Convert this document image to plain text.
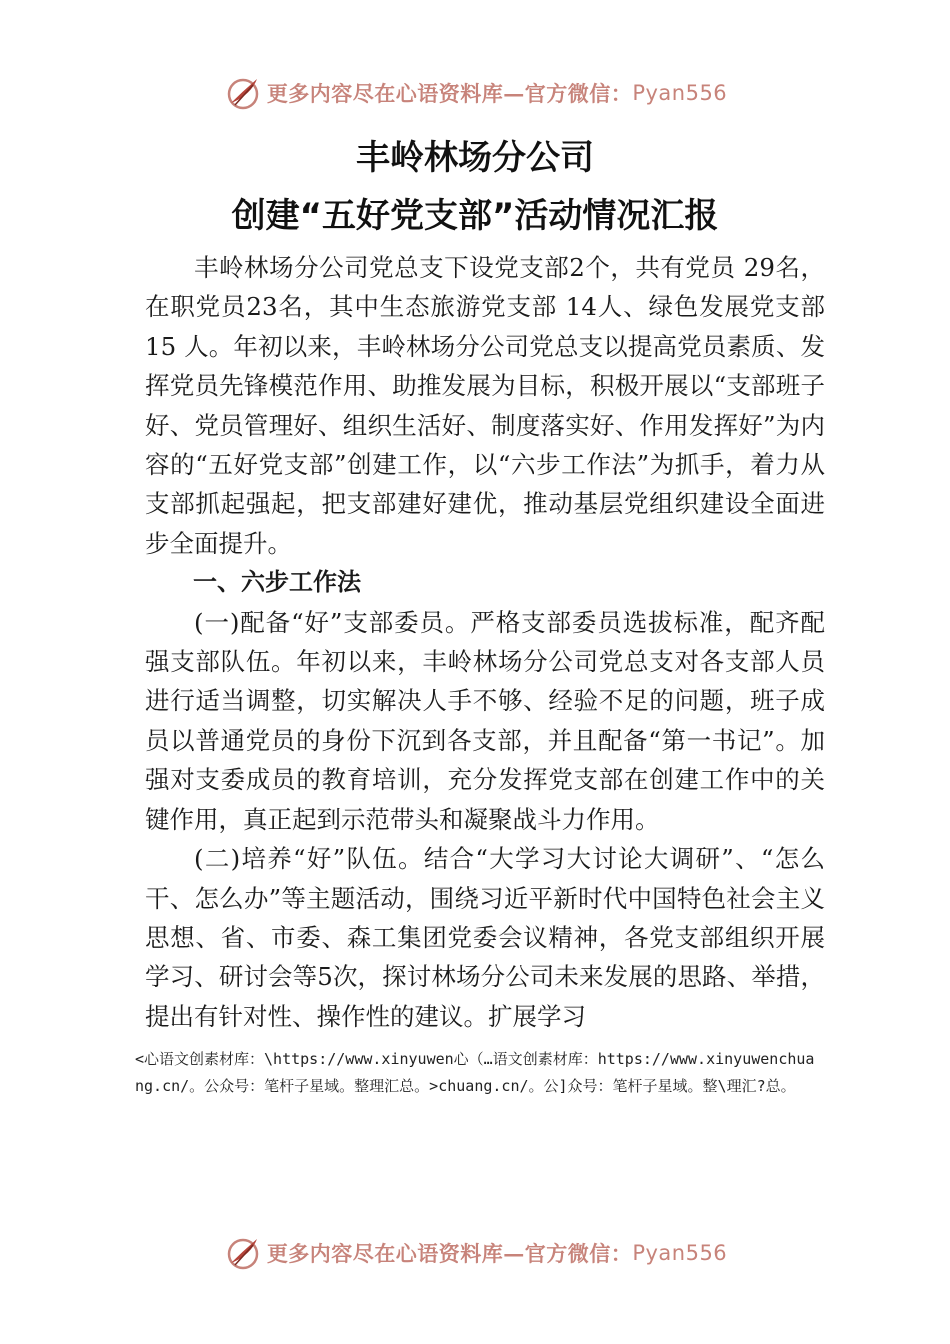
更多内容尽在心语资料库—官方微信： Pyan556
丰岭林场分公司
创建“五好党支部”活动情况汇报

丰岭林场分公司党总支下设党支部2个，共有党员 29名，在职党员23名，其中生态旅游党支部 14人、绿色发展党支部15 人。年初以来，丰岭林场分公司党总支以提高党员素质、发挥党员先锋模范作用、助推发展为目标，积极开展以“支部班子好、党员管理好、组织生活好、制度落实好、作用发挥好”为内容的“五好党支部”创建工作，以“六步工作法”为抓手，着力从支部抓起强起，把支部建好建优，推动基层党组织建设全面进步全面提升。

一、六步工作法

(一)配备“好”支部委员。严格支部委员选拔标准，配齐配强支部队伍。年初以来，丰岭林场分公司党总支对各支部人员进行适当调整，切实解决人手不够、经验不足的问题，班子成员以普通党员的身份下沉到各支部，并且配备“第一书记”。加强对支委成员的教育培训，充分发挥党支部在创建工作中的关键作用，真正起到示范带头和凝聚战斗力作用。

(二)培养“好”队伍。结合“大学习大讨论大调研”、“怎么干、怎么办”等主题活动，围绕习近平新时代中国特色社会主义思想、省、市委、森工集团党委会议精神，各党支部组织开展学习、研讨会等5次，探讨林场分公司未来发展的思路、举措，提出有针对性、操作性的建议。扩展学习

<心语文创素材库：\https://www.xinyuwen心（…语文创素材库：https://www.xinyuwenchuang.cn/。公众号：笔杆子星域。整理汇总。>chuang.cn/。公]众号：笔杆子星域。整\理汇?总。
更多内容尽在心语资料库—官方微信： Pyan556
